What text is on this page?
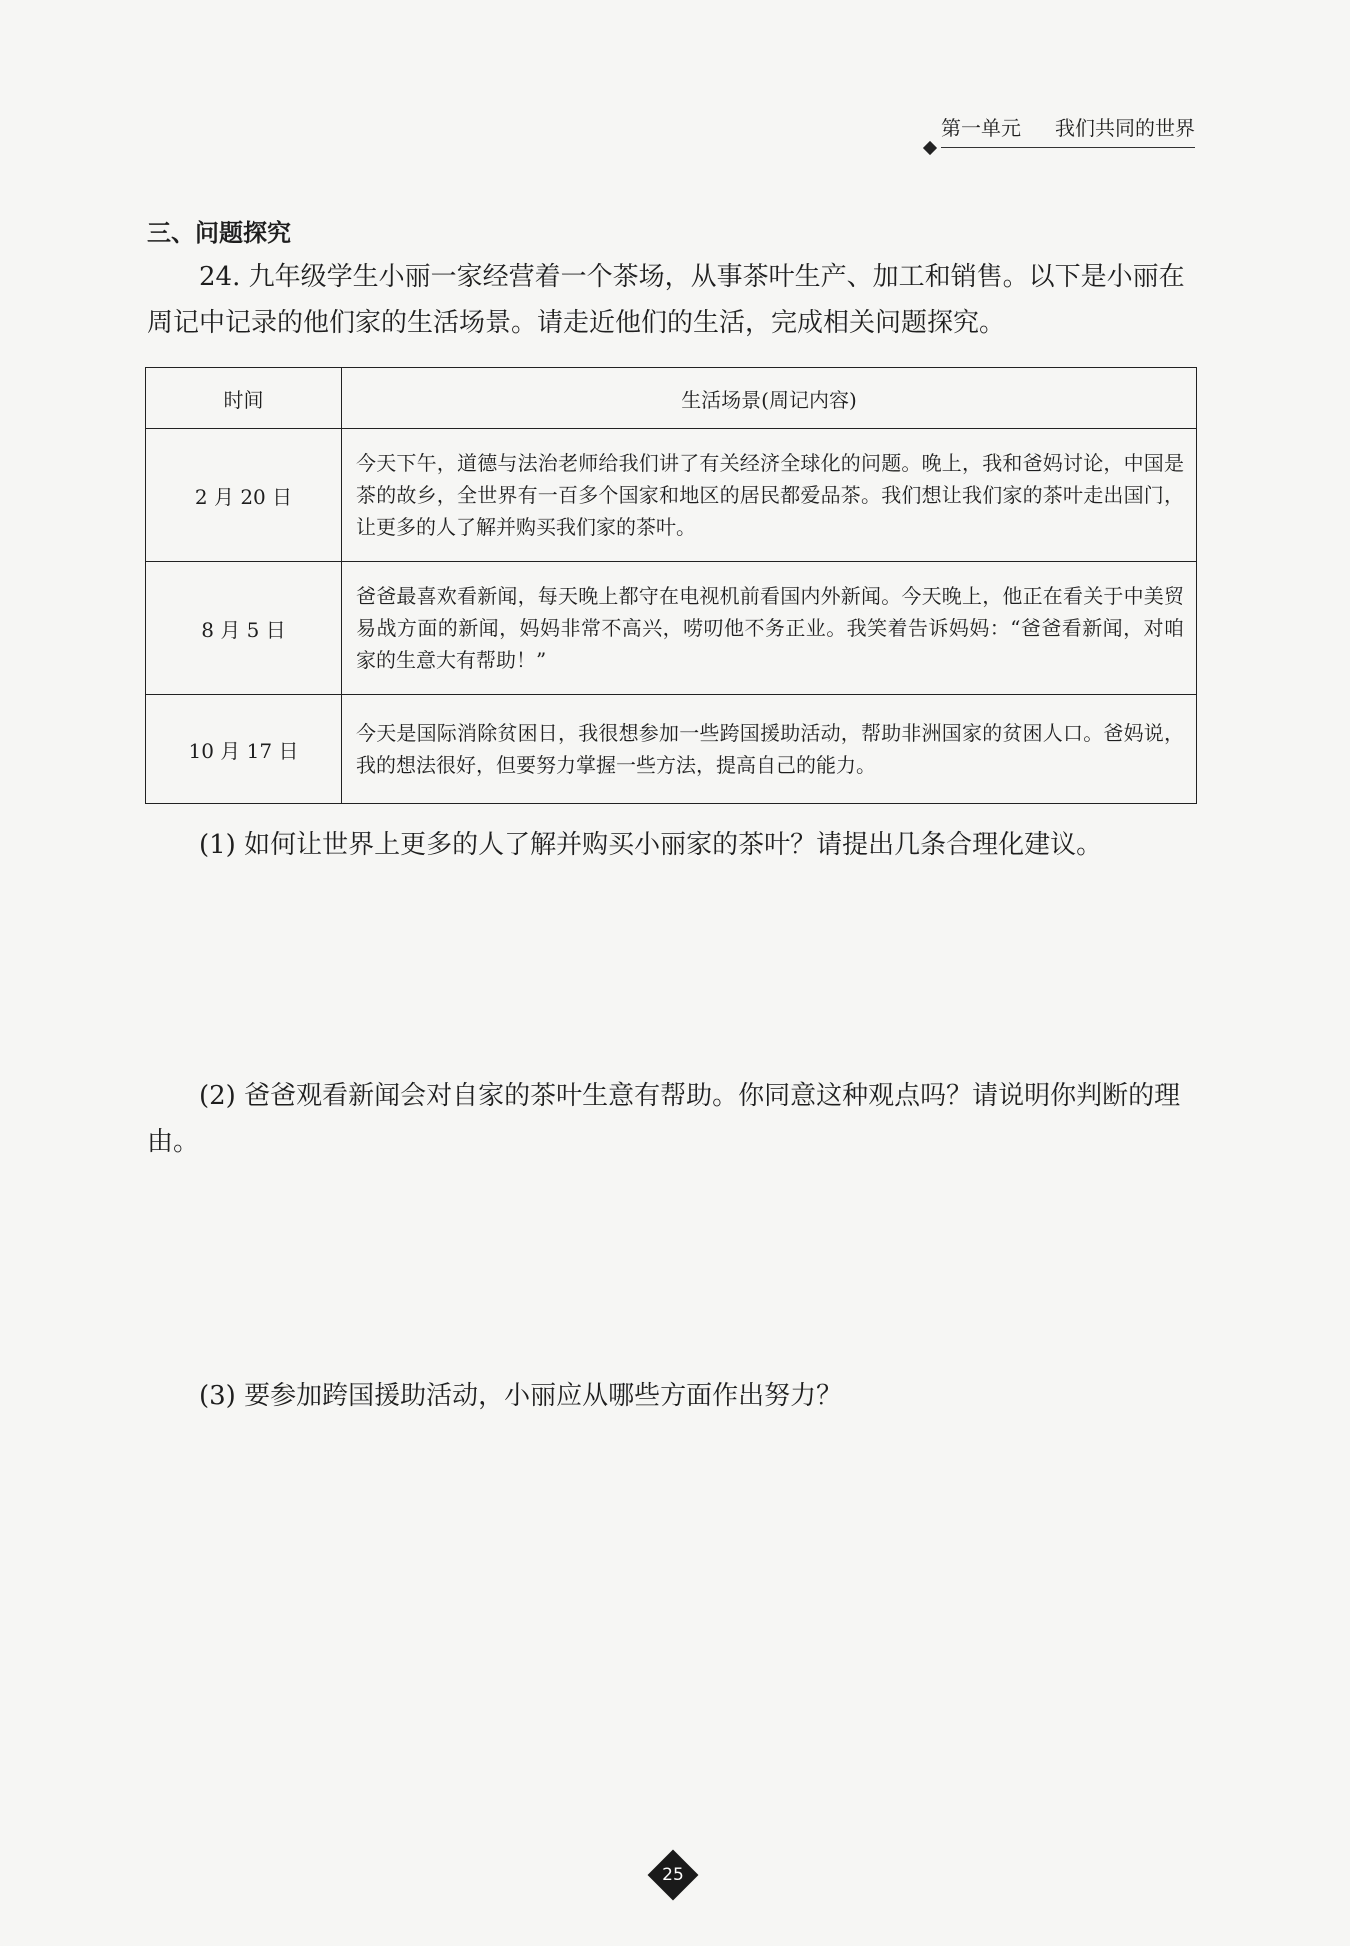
第一单元 我们共同的世界
三、问题探究
24. 九年级学生小丽一家经营着一个茶场，从事茶叶生产、加工和销售。以下是小丽在周记中记录的他们家的生活场景。请走近他们的生活，完成相关问题探究。
时间	生活场景(周记内容)
2 月 20 日	今天下午，道德与法治老师给我们讲了有关经济全球化的问题。晚上，我和爸妈讨论，中国是茶的故乡，全世界有一百多个国家和地区的居民都爱品茶。我们想让我们家的茶叶走出国门，让更多的人了解并购买我们家的茶叶。
8 月 5 日	爸爸最喜欢看新闻，每天晚上都守在电视机前看国内外新闻。今天晚上，他正在看关于中美贸易战方面的新闻，妈妈非常不高兴，唠叨他不务正业。我笑着告诉妈妈：“爸爸看新闻，对咱家的生意大有帮助！”
10 月 17 日	今天是国际消除贫困日，我很想参加一些跨国援助活动，帮助非洲国家的贫困人口。爸妈说，我的想法很好，但要努力掌握一些方法，提高自己的能力。
(1) 如何让世界上更多的人了解并购买小丽家的茶叶？请提出几条合理化建议。
(2) 爸爸观看新闻会对自家的茶叶生意有帮助。你同意这种观点吗？请说明你判断的理由。
(3) 要参加跨国援助活动，小丽应从哪些方面作出努力？
25
